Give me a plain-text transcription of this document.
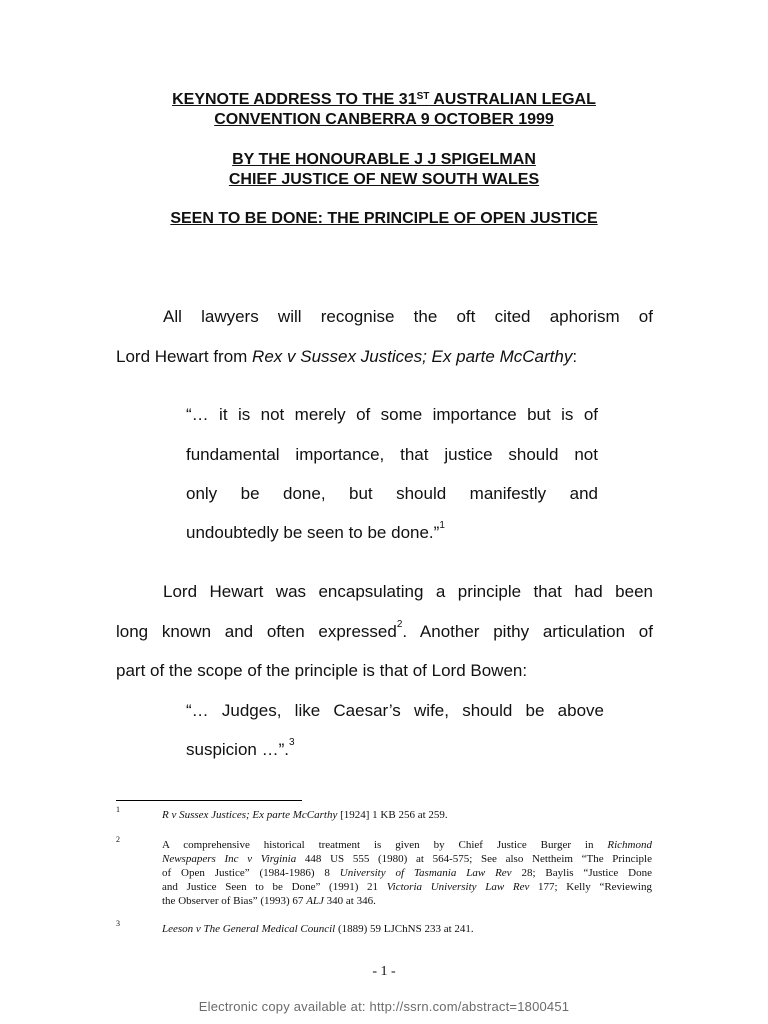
KEYNOTE ADDRESS TO THE 31ST AUSTRALIAN LEGAL
CONVENTION CANBERRA 9 OCTOBER 1999
BY THE HONOURABLE J J SPIGELMAN
CHIEF JUSTICE OF NEW SOUTH WALES
SEEN TO BE DONE: THE PRINCIPLE OF OPEN JUSTICE
All lawyers will recognise the oft cited aphorism of
Lord Hewart from Rex v Sussex Justices; Ex parte McCarthy:
“… it is not merely of some importance but is of
fundamental importance, that justice should not
only be done, but should manifestly and
undoubtedly be seen to be done.”$^1$
Lord Hewart was encapsulating a principle that had been
long known and often expressed$^2$. Another pithy articulation of
part of the scope of the principle is that of Lord Bowen:
“… Judges, like Caesar’s wife, should be above
suspicion …”.$^3$
1	R v Sussex Justices; Ex parte McCarthy [1924] 1 KB 256 at 259.
2	A comprehensive historical treatment is given by Chief Justice Burger in Richmond
Newspapers Inc v Virginia 448 US 555 (1980) at 564-575; See also Nettheim “The Principle
of Open Justice” (1984-1986) 8 University of Tasmania Law Rev 28; Baylis “Justice Done
and Justice Seen to be Done” (1991) 21 Victoria University Law Rev 177; Kelly “Reviewing
the Observer of Bias” (1993) 67 ALJ 340 at 346.
3	Leeson v The General Medical Council (1889) 59 LJChNS 233 at 241.
- 1 -
Electronic copy available at: http://ssrn.com/abstract=1800451
